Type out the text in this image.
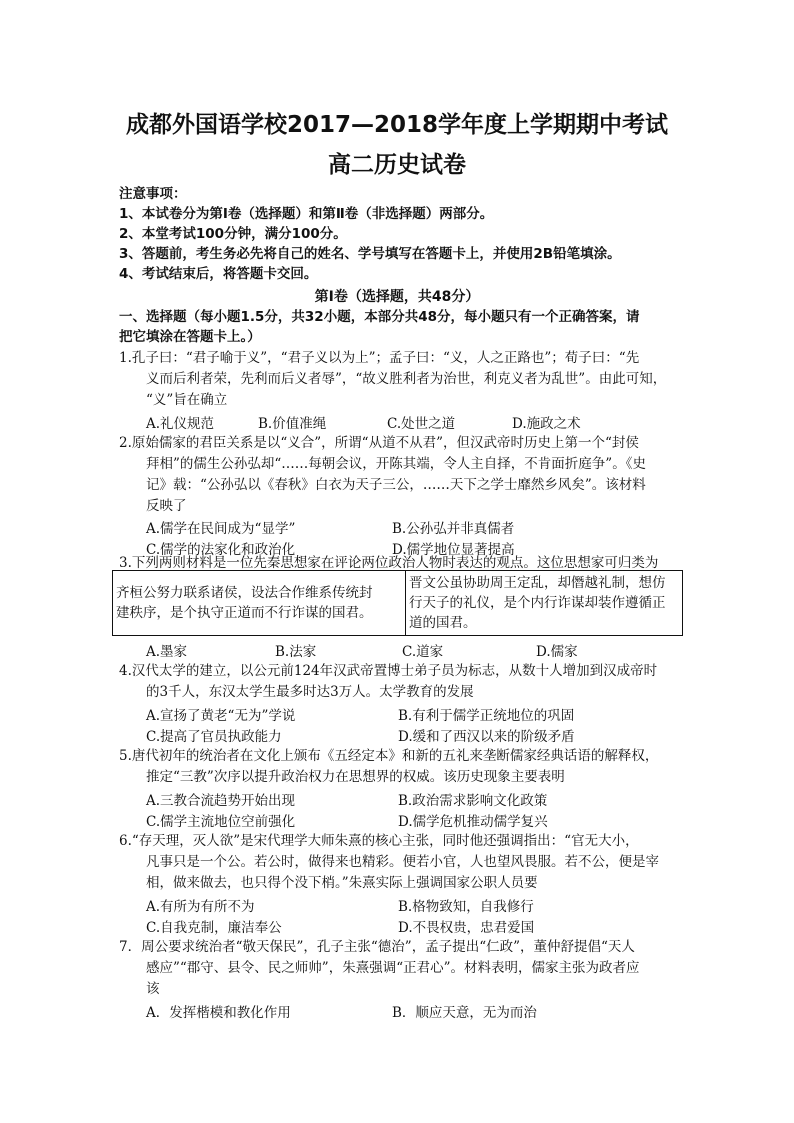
成都外国语学校2017—2018学年度上学期期中考试
高二历史试卷
注意事项：
1、本试卷分为第Ⅰ卷（选择题）和第Ⅱ卷（非选择题）两部分。
2、本堂考试100分钟，满分100分。
3、答题前，考生务必先将自己的姓名、学号填写在答题卡上，并使用2B铅笔填涂。
4、考试结束后，将答题卡交回。
第Ⅰ卷（选择题，共48分）
一、选择题（每小题1.5分，共32小题，本部分共48分，每小题只有一个正确答案，请
把它填涂在答题卡上。）
1.孔子曰：“君子喻于义”，“君子义以为上”；孟子曰：“义，人之正路也”；荀子曰：“先
义而后利者荣，先利而后义者辱”，“故义胜利者为治世，利克义者为乱世”。由此可知，
“义”旨在确立
A.礼仪规范	B.价值准绳	C.处世之道	D.施政之术
2.原始儒家的君臣关系是以“义合”，所谓“从道不从君”，但汉武帝时历史上第一个“封侯
拜相”的儒生公孙弘却“……每朝会议，开陈其端，令人主自择，不肯面折庭争”。《史
记》载：“公孙弘以《春秋》白衣为天子三公，……天下之学士靡然乡风矣”。该材料
反映了
A.儒学在民间成为“显学”	B.公孙弘并非真儒者
C.儒学的法家化和政治化	D.儒学地位显著提高
3.下列两则材料是一位先秦思想家在评论两位政治人物时表达的观点。这位思想家可归类为
齐桓公努力联系诸侯，设法合作维系传统封
建秩序，是个执守正道而不行诈谋的国君。

晋文公虽协助周王定乱，却僭越礼制，想仿
行天子的礼仪，是个内行诈谋却装作遵循正
道的国君。
A.墨家	B.法家	C.道家	D.儒家
4.汉代太学的建立，以公元前124年汉武帝置博士弟子员为标志，从数十人增加到汉成帝时
的3千人，东汉太学生最多时达3万人。太学教育的发展
A.宣扬了黄老“无为”学说	B.有利于儒学正统地位的巩固
C.提高了官员执政能力	D.缓和了西汉以来的阶级矛盾
5.唐代初年的统治者在文化上颁布《五经定本》和新的五礼来垄断儒家经典话语的解释权，
推定“三教”次序以提升政治权力在思想界的权威。该历史现象主要表明
A.三教合流趋势开始出现	B.政治需求影响文化政策
C.儒学主流地位空前强化	D.儒学危机推动儒学复兴
6.“存天理，灭人欲”是宋代理学大师朱熹的核心主张，同时他还强调指出：“官无大小，
凡事只是一个公。若公时，做得来也精彩。便若小官，人也望风畏服。若不公，便是宰
相，做来做去，也只得个没下梢。”朱熹实际上强调国家公职人员要
A.有所为有所不为	B.格物致知，自我修行
C.自我克制，廉洁奉公	D.不畏权贵，忠君爱国
7．周公要求统治者“敬天保民”，孔子主张“德治”，孟子提出“仁政”，董仲舒提倡“天人
感应”“郡守、县令、民之师帅”，朱熹强调“正君心”。材料表明，儒家主张为政者应
该
A．发挥楷模和教化作用	B．顺应天意，无为而治
